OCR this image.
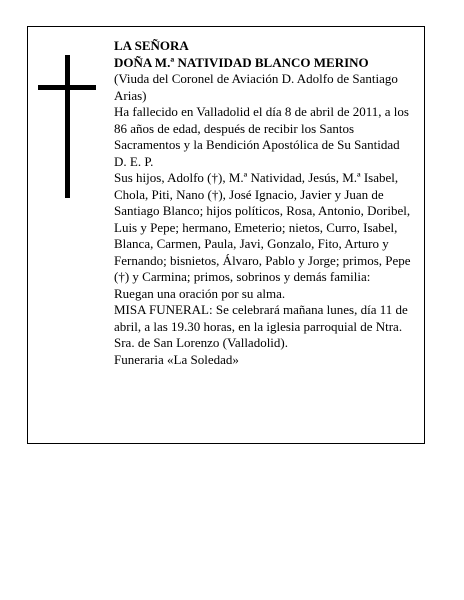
LA SEÑORA

DOÑA M.ª NATIVIDAD BLANCO MERINO

(Viuda del Coronel de Aviación D. Adolfo de Santiago Arias)

Ha fallecido en Valladolid el día 8 de abril de 2011, a los 86 años de edad, después de recibir los Santos Sacramentos y la Bendición Apostólica de Su Santidad

D. E. P.

Sus hijos, Adolfo (†), M.ª Natividad, Jesús, M.ª Isabel, Chola, Piti, Nano (†), José Ignacio, Javier y Juan de Santiago Blanco; hijos políticos, Rosa, Antonio, Doribel, Luis y Pepe; hermano, Emeterio; nietos, Curro, Isabel, Blanca, Carmen, Paula, Javi, Gonzalo, Fito, Arturo y Fernando; bisnietos, Álvaro, Pablo y Jorge; primos, Pepe (†) y Carmina; primos, sobrinos y demás familia:

Ruegan una oración por su alma.

MISA FUNERAL: Se celebrará mañana lunes, día 11 de abril, a las 19.30 horas, en la iglesia parroquial de Ntra. Sra. de San Lorenzo (Valladolid).

Funeraria «La Soledad»
